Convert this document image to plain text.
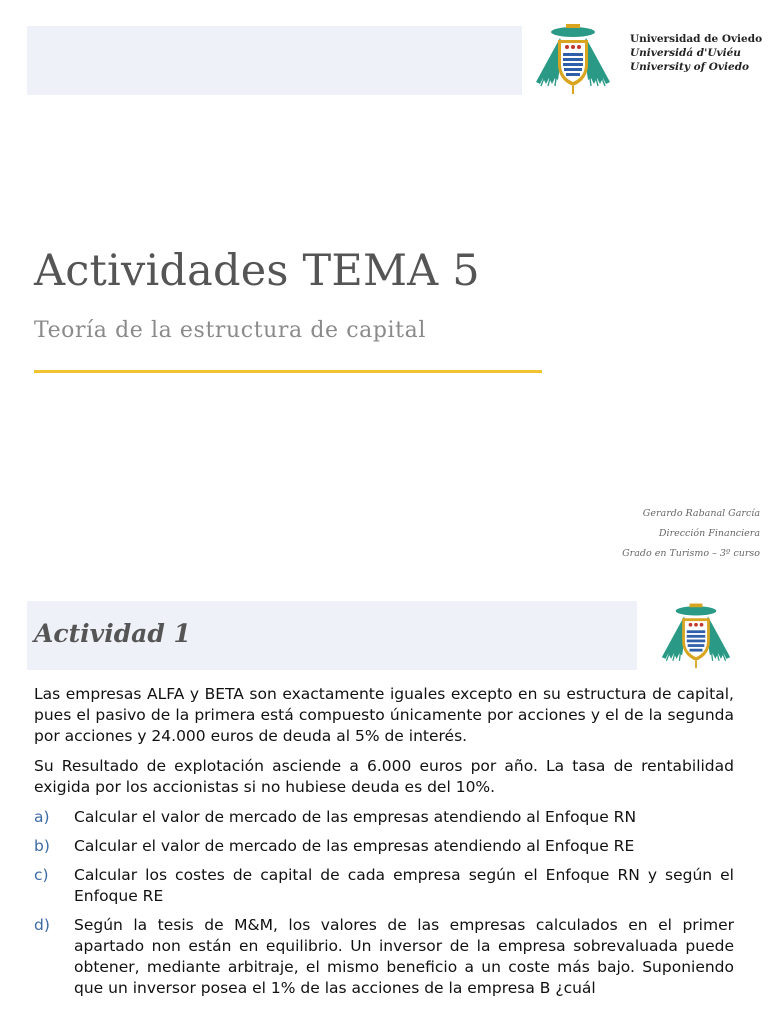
Universidad de Oviedo
Universidá d'Uviéu
University of Oviedo
Actividades TEMA 5
Teoría de la estructura de capital
Gerardo Rabanal García
Dirección Financiera
Grado en Turismo – 3º curso
Actividad 1

Las empresas ALFA y BETA son exactamente iguales excepto en su estructura de capital, pues el pasivo de la primera está compuesto únicamente por acciones y el de la segunda por acciones y 24.000 euros de deuda al 5% de interés.

Su Resultado de explotación asciende a 6.000 euros por año. La tasa de rentabilidad exigida por los accionistas si no hubiese deuda es del 10%.

a) Calcular el valor de mercado de las empresas atendiendo al Enfoque RN
b) Calcular el valor de mercado de las empresas atendiendo al Enfoque RE
c) Calcular los costes de capital de cada empresa según el Enfoque RN y según el Enfoque RE
d) Según la tesis de M&M, los valores de las empresas calculados en el primer apartado non están en equilibrio. Un inversor de la empresa sobrevaluada puede obtener, mediante arbitraje, el mismo beneficio a un coste más bajo. Suponiendo que un inversor posea el 1% de las acciones de la empresa B ¿cuál
